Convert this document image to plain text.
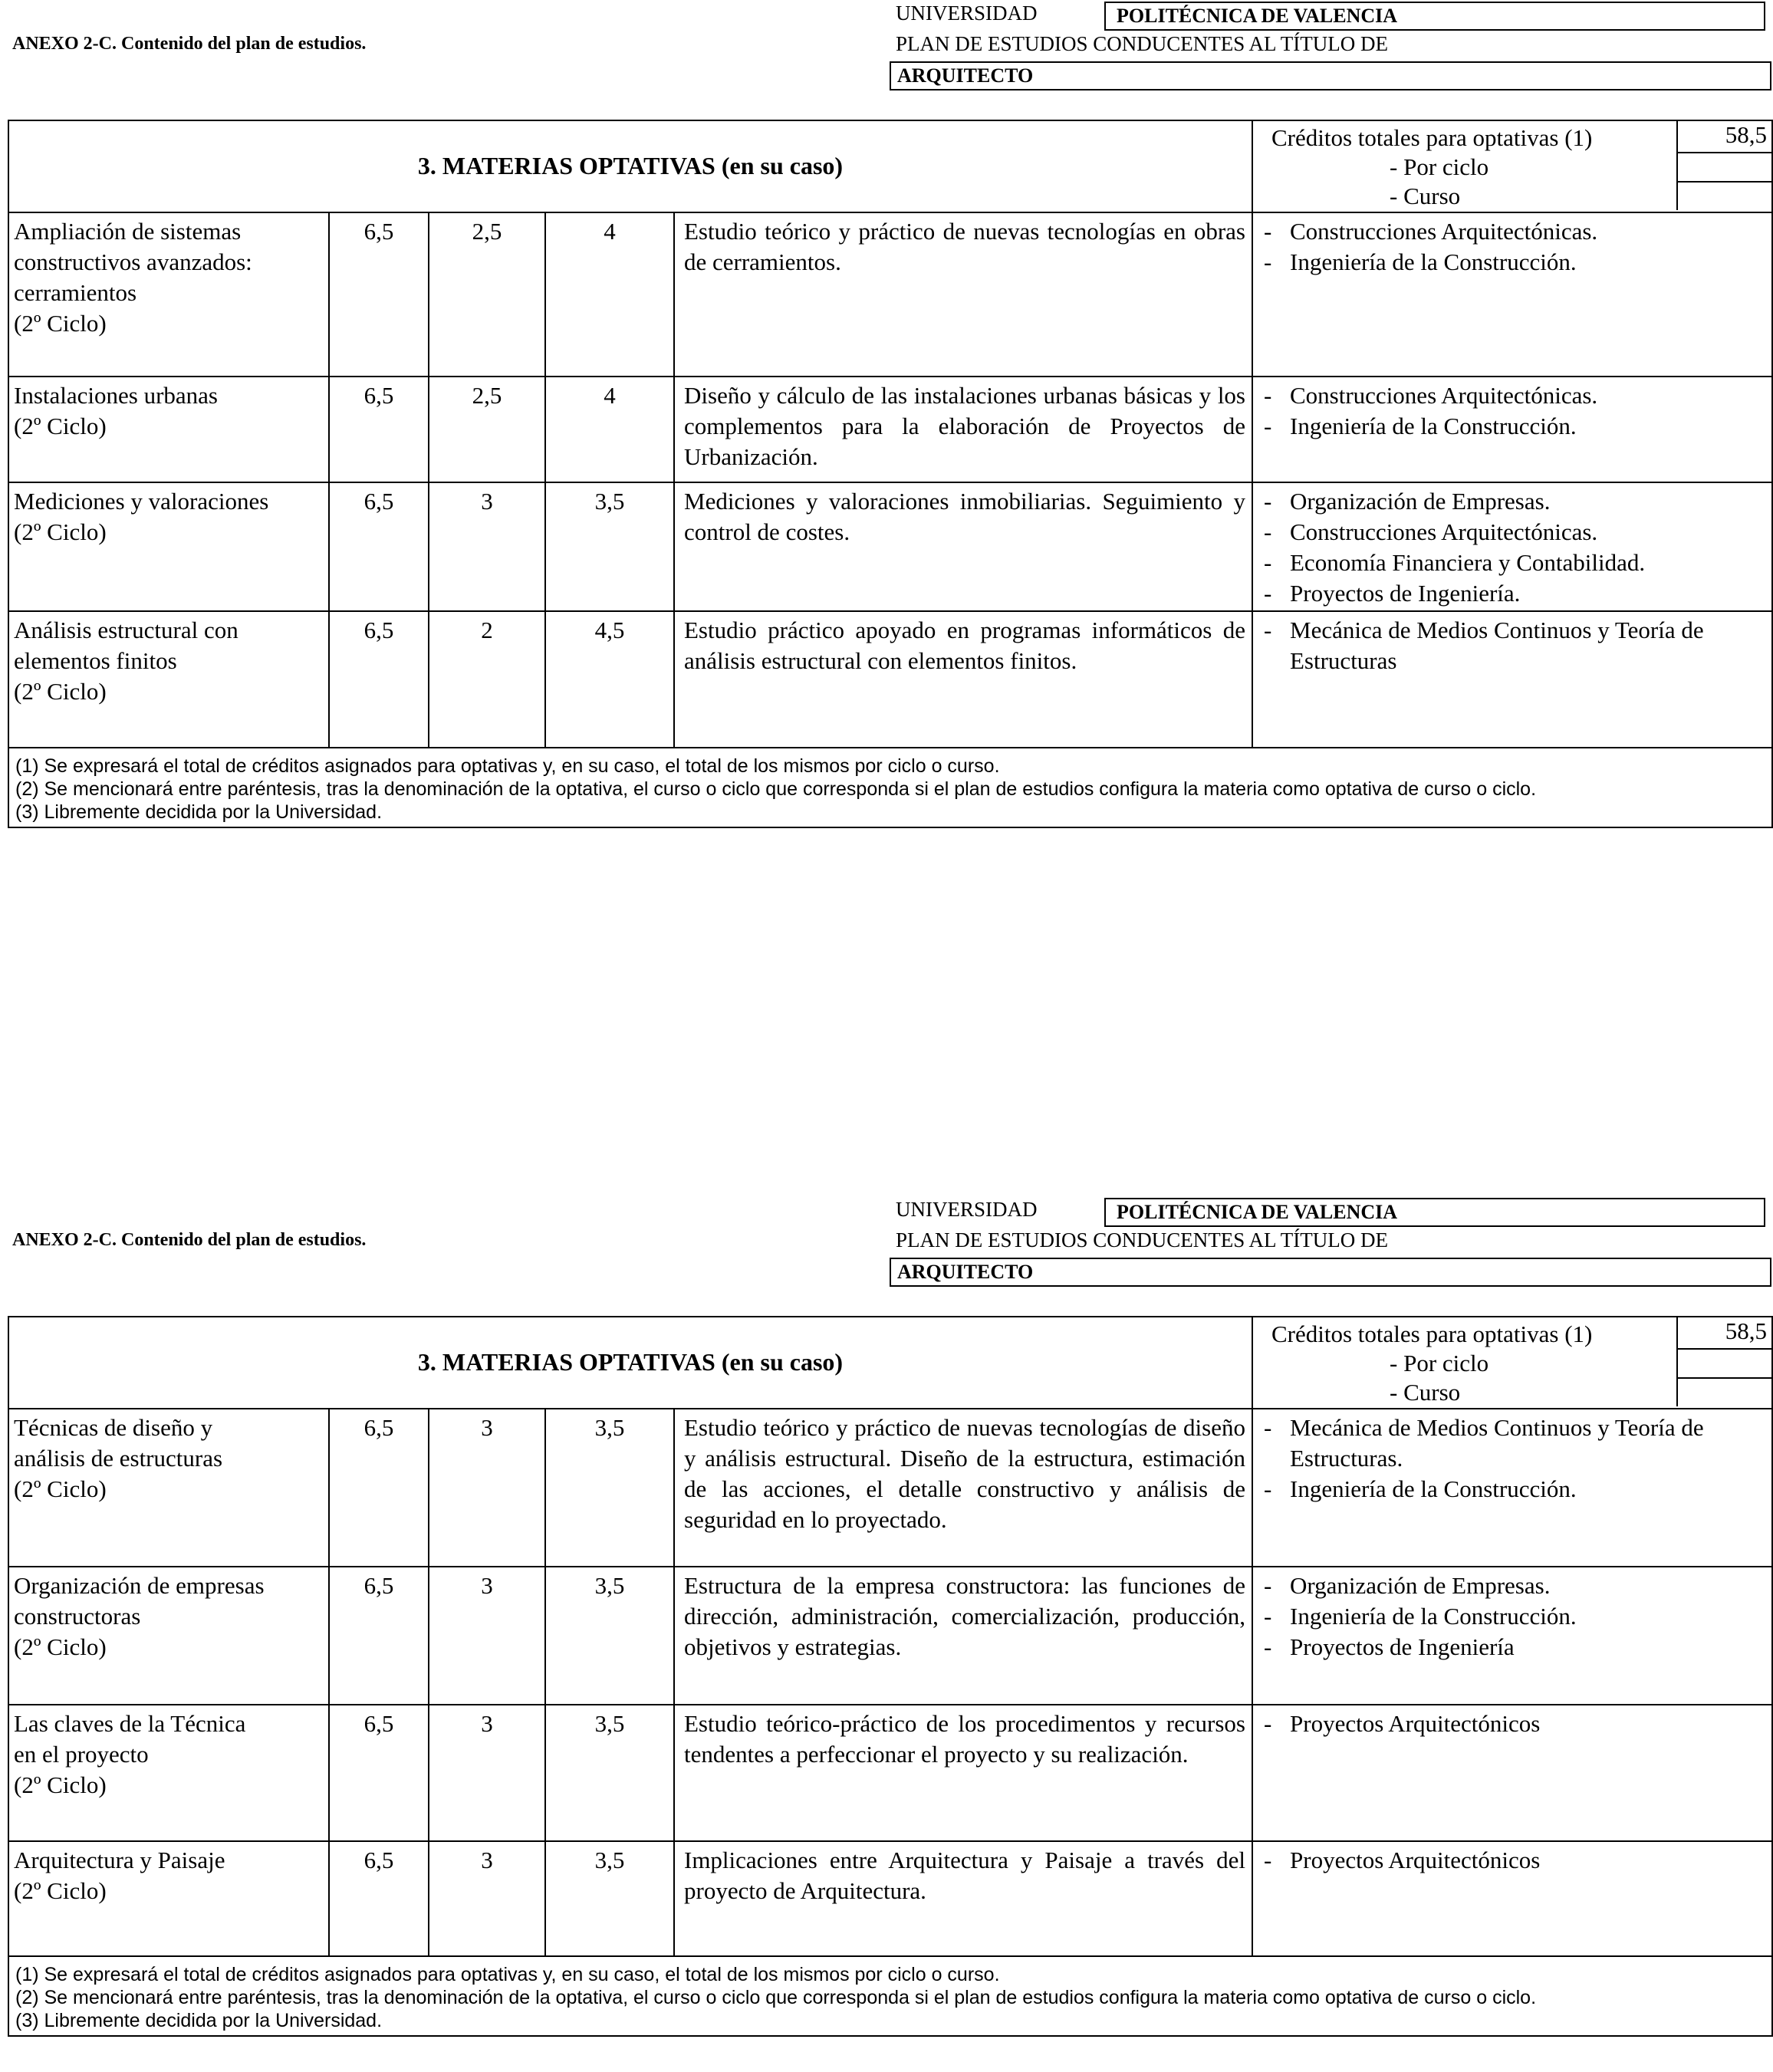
ANEXO 2-C. Contenido del plan de estudios.
UNIVERSIDAD	POLITÉCNICA DE VALENCIA
PLAN DE ESTUDIOS CONDUCENTES AL TÍTULO DE
ARQUITECTO
3. MATERIAS OPTATIVAS (en su caso)
Créditos totales para optativas (1)
- Por ciclo
- Curso
58,5
Ampliación de sistemas
constructivos avanzados:
cerramientos
(2º Ciclo)
6,5	2,5	4	Estudio teórico y práctico de nuevas tecnologías en obras de cerramientos.
- Construcciones Arquitectónicas.
- Ingeniería de la Construcción.
Instalaciones urbanas
(2º Ciclo)
6,5	2,5	4	Diseño y cálculo de las instalaciones urbanas básicas y los complementos para la elaboración de Proyectos de Urbanización.
- Construcciones Arquitectónicas.
- Ingeniería de la Construcción.
Mediciones y valoraciones
(2º Ciclo)
6,5	3	3,5	Mediciones y valoraciones inmobiliarias. Seguimiento y control de costes.
- Organización de Empresas.
- Construcciones Arquitectónicas.
- Economía Financiera y Contabilidad.
- Proyectos de Ingeniería.
Análisis estructural con
elementos finitos
(2º Ciclo)
6,5	2	4,5	Estudio práctico apoyado en programas informáticos de análisis estructural con elementos finitos.
- Mecánica de Medios Continuos y Teoría de Estructuras
(1) Se expresará el total de créditos asignados para optativas y, en su caso, el total de los mismos por ciclo o curso.
(2) Se mencionará entre paréntesis, tras la denominación de la optativa, el curso o ciclo que corresponda si el plan de estudios configura la materia como optativa de curso o ciclo.
(3) Libremente decidida por la Universidad.
ANEXO 2-C. Contenido del plan de estudios.
UNIVERSIDAD	POLITÉCNICA DE VALENCIA
PLAN DE ESTUDIOS CONDUCENTES AL TÍTULO DE
ARQUITECTO
3. MATERIAS OPTATIVAS (en su caso)
Créditos totales para optativas (1)
- Por ciclo
- Curso
58,5
Técnicas de diseño y
análisis de estructuras
(2º Ciclo)
6,5	3	3,5	Estudio teórico y práctico de nuevas tecnologías de diseño y análisis estructural. Diseño de la estructura, estimación de las acciones, el detalle constructivo y análisis de seguridad en lo proyectado.
- Mecánica de Medios Continuos y Teoría de Estructuras.
- Ingeniería de la Construcción.
Organización de empresas
constructoras
(2º Ciclo)
6,5	3	3,5	Estructura de la empresa constructora: las funciones de dirección, administración, comercialización, producción, objetivos y estrategias.
- Organización de Empresas.
- Ingeniería de la Construcción.
- Proyectos de Ingeniería
Las claves de la Técnica
en el proyecto
(2º Ciclo)
6,5	3	3,5	Estudio teórico-práctico de los procedimentos y recursos tendentes a perfeccionar el proyecto y su realización.
- Proyectos Arquitectónicos
Arquitectura y Paisaje
(2º Ciclo)
6,5	3	3,5	Implicaciones entre Arquitectura y Paisaje a través del proyecto de Arquitectura.
- Proyectos Arquitectónicos
(1) Se expresará el total de créditos asignados para optativas y, en su caso, el total de los mismos por ciclo o curso.
(2) Se mencionará entre paréntesis, tras la denominación de la optativa, el curso o ciclo que corresponda si el plan de estudios configura la materia como optativa de curso o ciclo.
(3) Libremente decidida por la Universidad.
